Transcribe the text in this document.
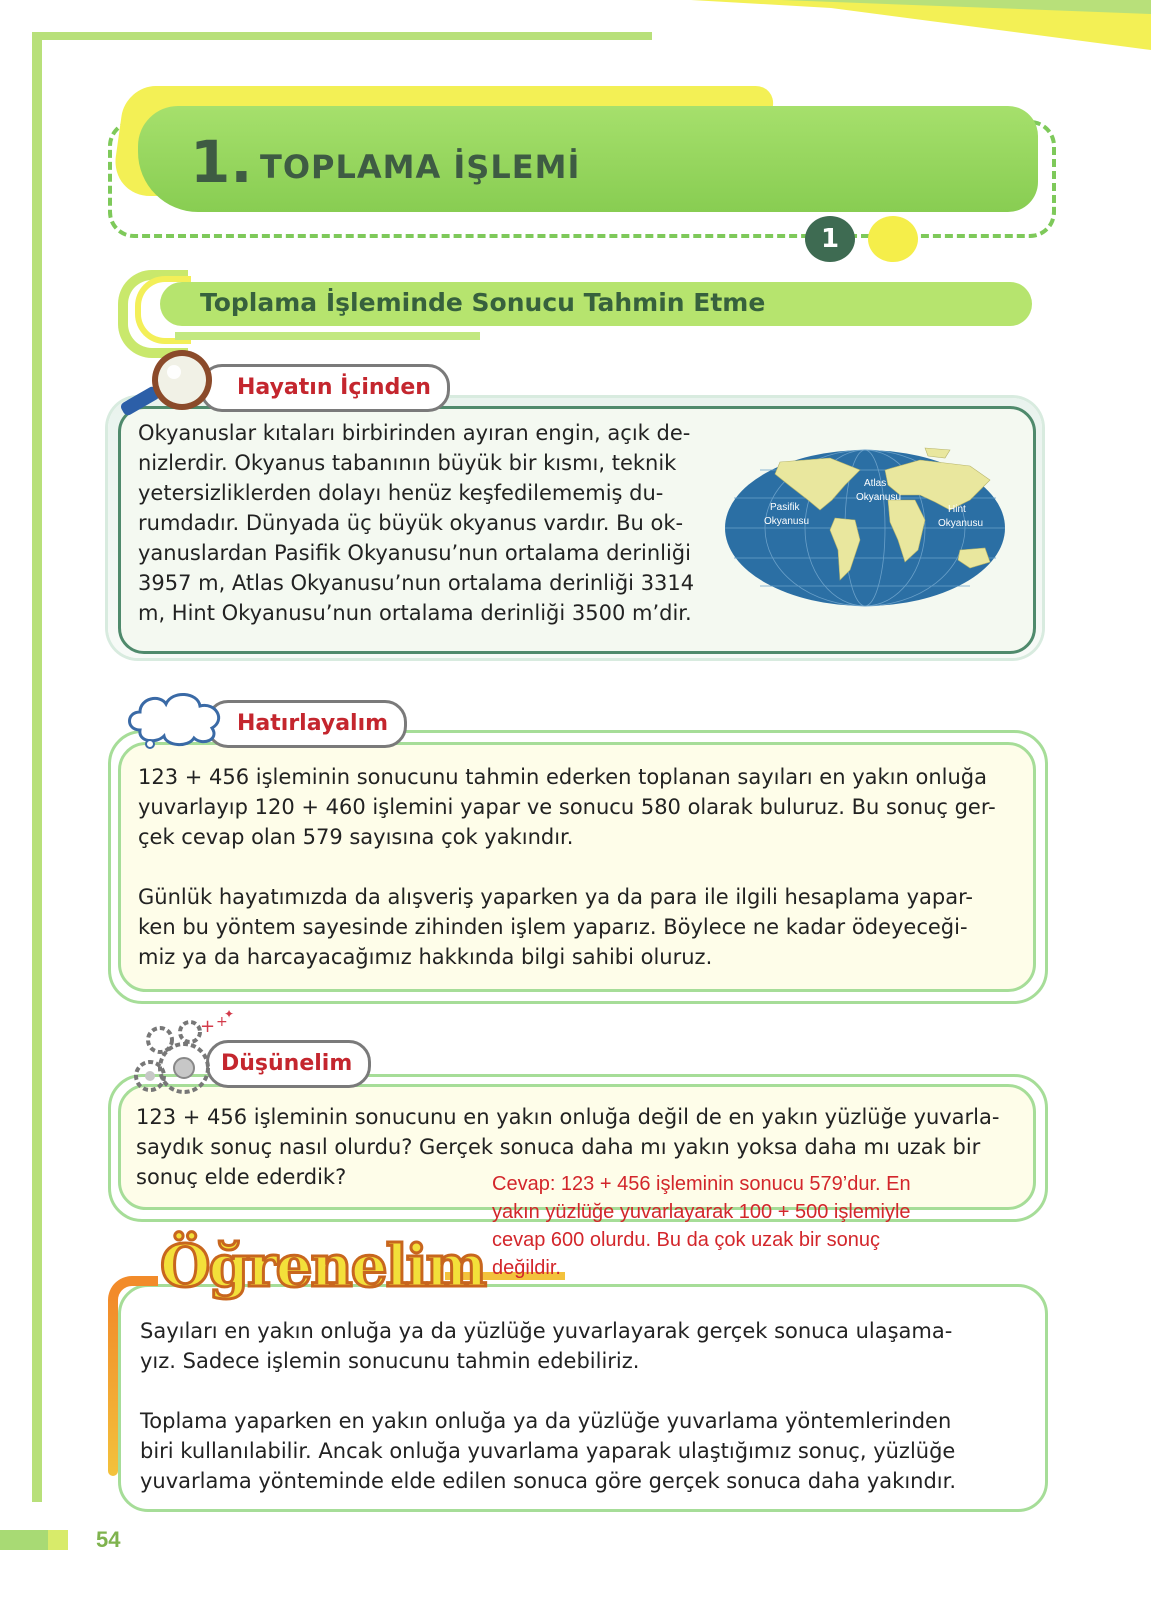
1. TOPLAMA İŞLEMİ
1
Toplama İşleminde Sonucu Tahmin Etme
Hayatın İçinden
Okyanuslar kıtaları birbirinden ayıran engin, açık de-
nizlerdir. Okyanus tabanının büyük bir kısmı, teknik
yetersizliklerden dolayı henüz keşfedilememiş du-
rumdadır. Dünyada üç büyük okyanus vardır. Bu ok-
yanuslardan Pasifik Okyanusu’nun ortalama derinliği
3957 m, Atlas Okyanusu’nun ortalama derinliği 3314
m, Hint Okyanusu’nun ortalama derinliği 3500 m’dir.
Pasifik
Okyanusu
Atlas
Okyanusu
Hint
Okyanusu
Hatırlayalım
123 + 456 işleminin sonucunu tahmin ederken toplanan sayıları en yakın onluğa
yuvarlayıp 120 + 460 işlemini yapar ve sonucu 580 olarak buluruz. Bu sonuç ger-
çek cevap olan 579 sayısına çok yakındır.
Günlük hayatımızda da alışveriş yaparken ya da para ile ilgili hesaplama yapar-
ken bu yöntem sayesinde zihinden işlem yaparız. Böylece ne kadar ödeyeceği-
miz ya da harcayacağımız hakkında bilgi sahibi oluruz.
Düşünelim
+ +
✦
123 + 456 işleminin sonucunu en yakın onluğa değil de en yakın yüzlüğe yuvarla-
saydık sonuç nasıl olurdu? Gerçek sonuca daha mı yakın yoksa daha mı uzak bir
sonuç elde ederdik?
Öğrenelim
Sayıları en yakın onluğa ya da yüzlüğe yuvarlayarak gerçek sonuca ulaşama-
yız. Sadece işlemin sonucunu tahmin edebiliriz.
Toplama yaparken en yakın onluğa ya da yüzlüğe yuvarlama yöntemlerinden
biri kullanılabilir. Ancak onluğa yuvarlama yaparak ulaştığımız sonuç, yüzlüğe
yuvarlama yönteminde elde edilen sonuca göre gerçek sonuca daha yakındır.
Cevap: 123 + 456 işleminin sonucu 579’dur. En
yakın yüzlüğe yuvarlayarak 100 + 500 işlemiyle
cevap 600 olurdu. Bu da çok uzak bir sonuç
değildir.
54
